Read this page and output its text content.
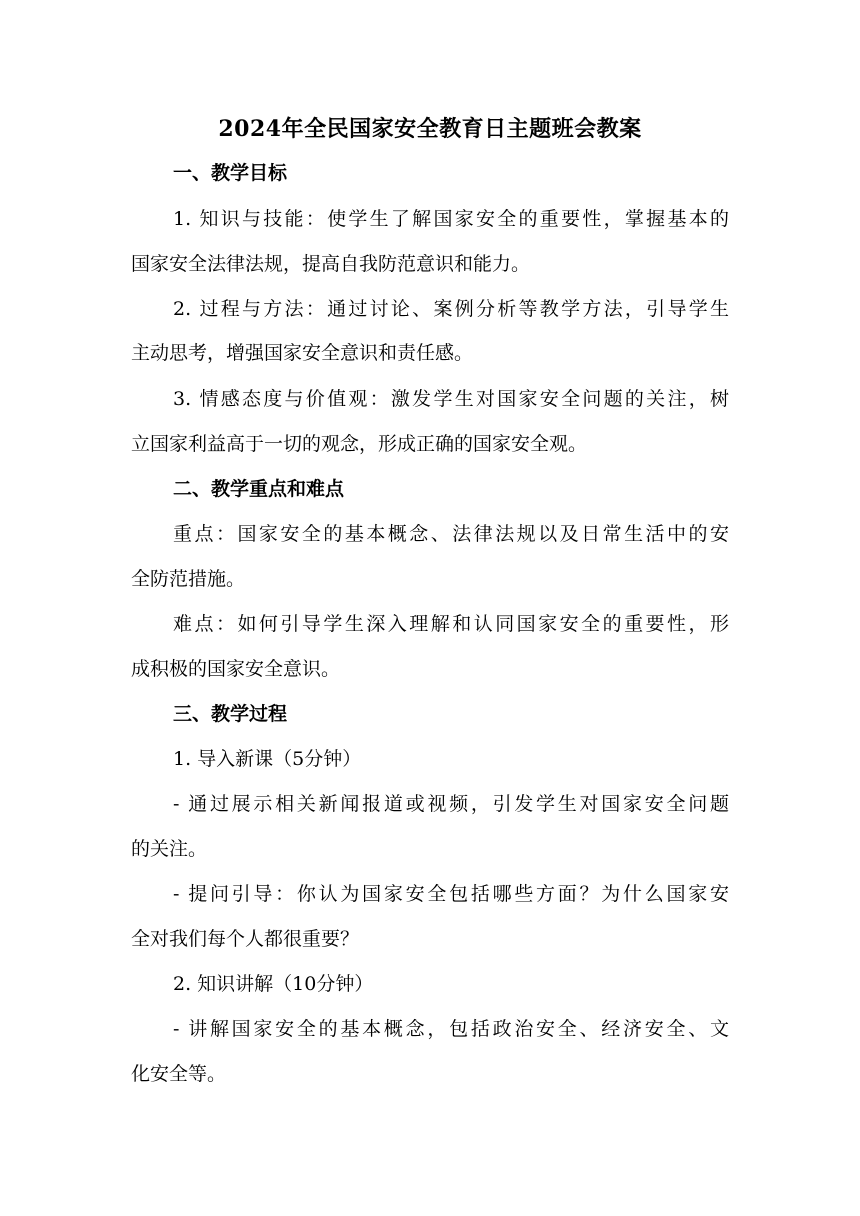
2024年全民国家安全教育日主题班会教案
一、教学目标
1. 知识与技能：使学生了解国家安全的重要性，掌握基本的
国家安全法律法规，提高自我防范意识和能力。
2. 过程与方法：通过讨论、案例分析等教学方法，引导学生
主动思考，增强国家安全意识和责任感。
3. 情感态度与价值观：激发学生对国家安全问题的关注，树
立国家利益高于一切的观念，形成正确的国家安全观。
二、教学重点和难点
重点：国家安全的基本概念、法律法规以及日常生活中的安
全防范措施。
难点：如何引导学生深入理解和认同国家安全的重要性，形
成积极的国家安全意识。
三、教学过程
1. 导入新课（5分钟）
- 通过展示相关新闻报道或视频，引发学生对国家安全问题
的关注。
- 提问引导：你认为国家安全包括哪些方面？为什么国家安
全对我们每个人都很重要？
2. 知识讲解（10分钟）
- 讲解国家安全的基本概念，包括政治安全、经济安全、文
化安全等。
